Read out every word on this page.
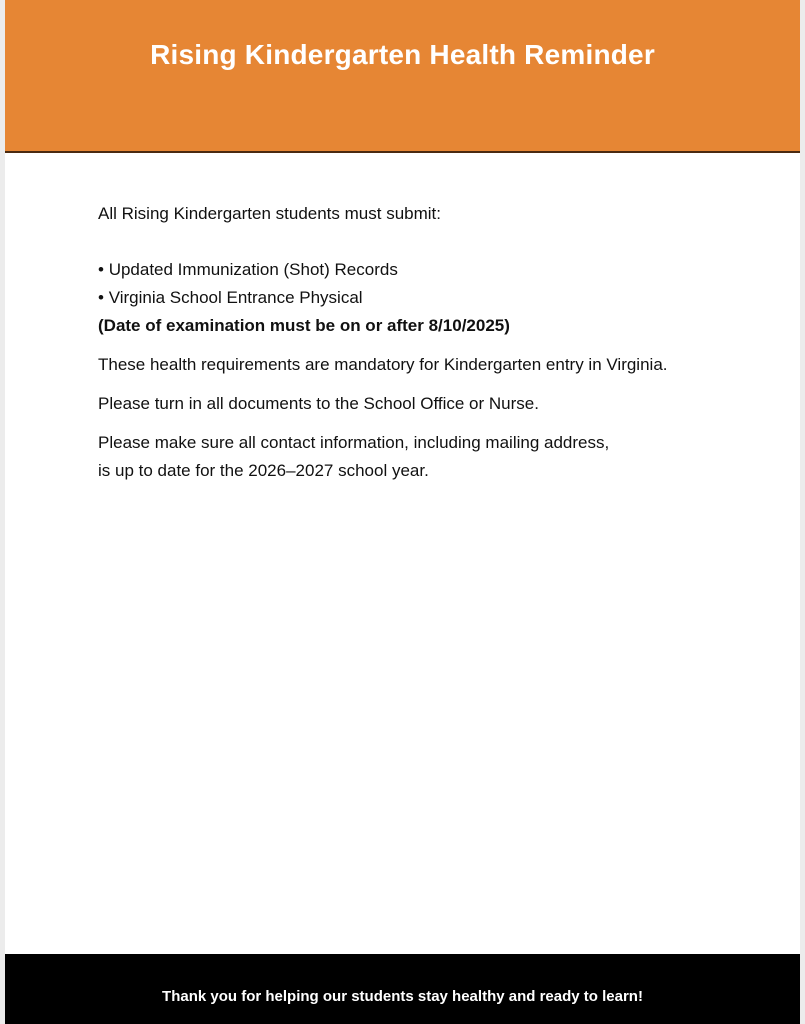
Rising Kindergarten Health Reminder

All Rising Kindergarten students must submit:

• Updated Immunization (Shot) Records

• Virginia School Entrance Physical

(Date of examination must be on or after 8/10/2025)

These health requirements are mandatory for Kindergarten entry in Virginia.

Please turn in all documents to the School Office or Nurse.

Please make sure all contact information, including mailing address,

is up to date for the 2026–2027 school year.

Thank you for helping our students stay healthy and ready to learn!
